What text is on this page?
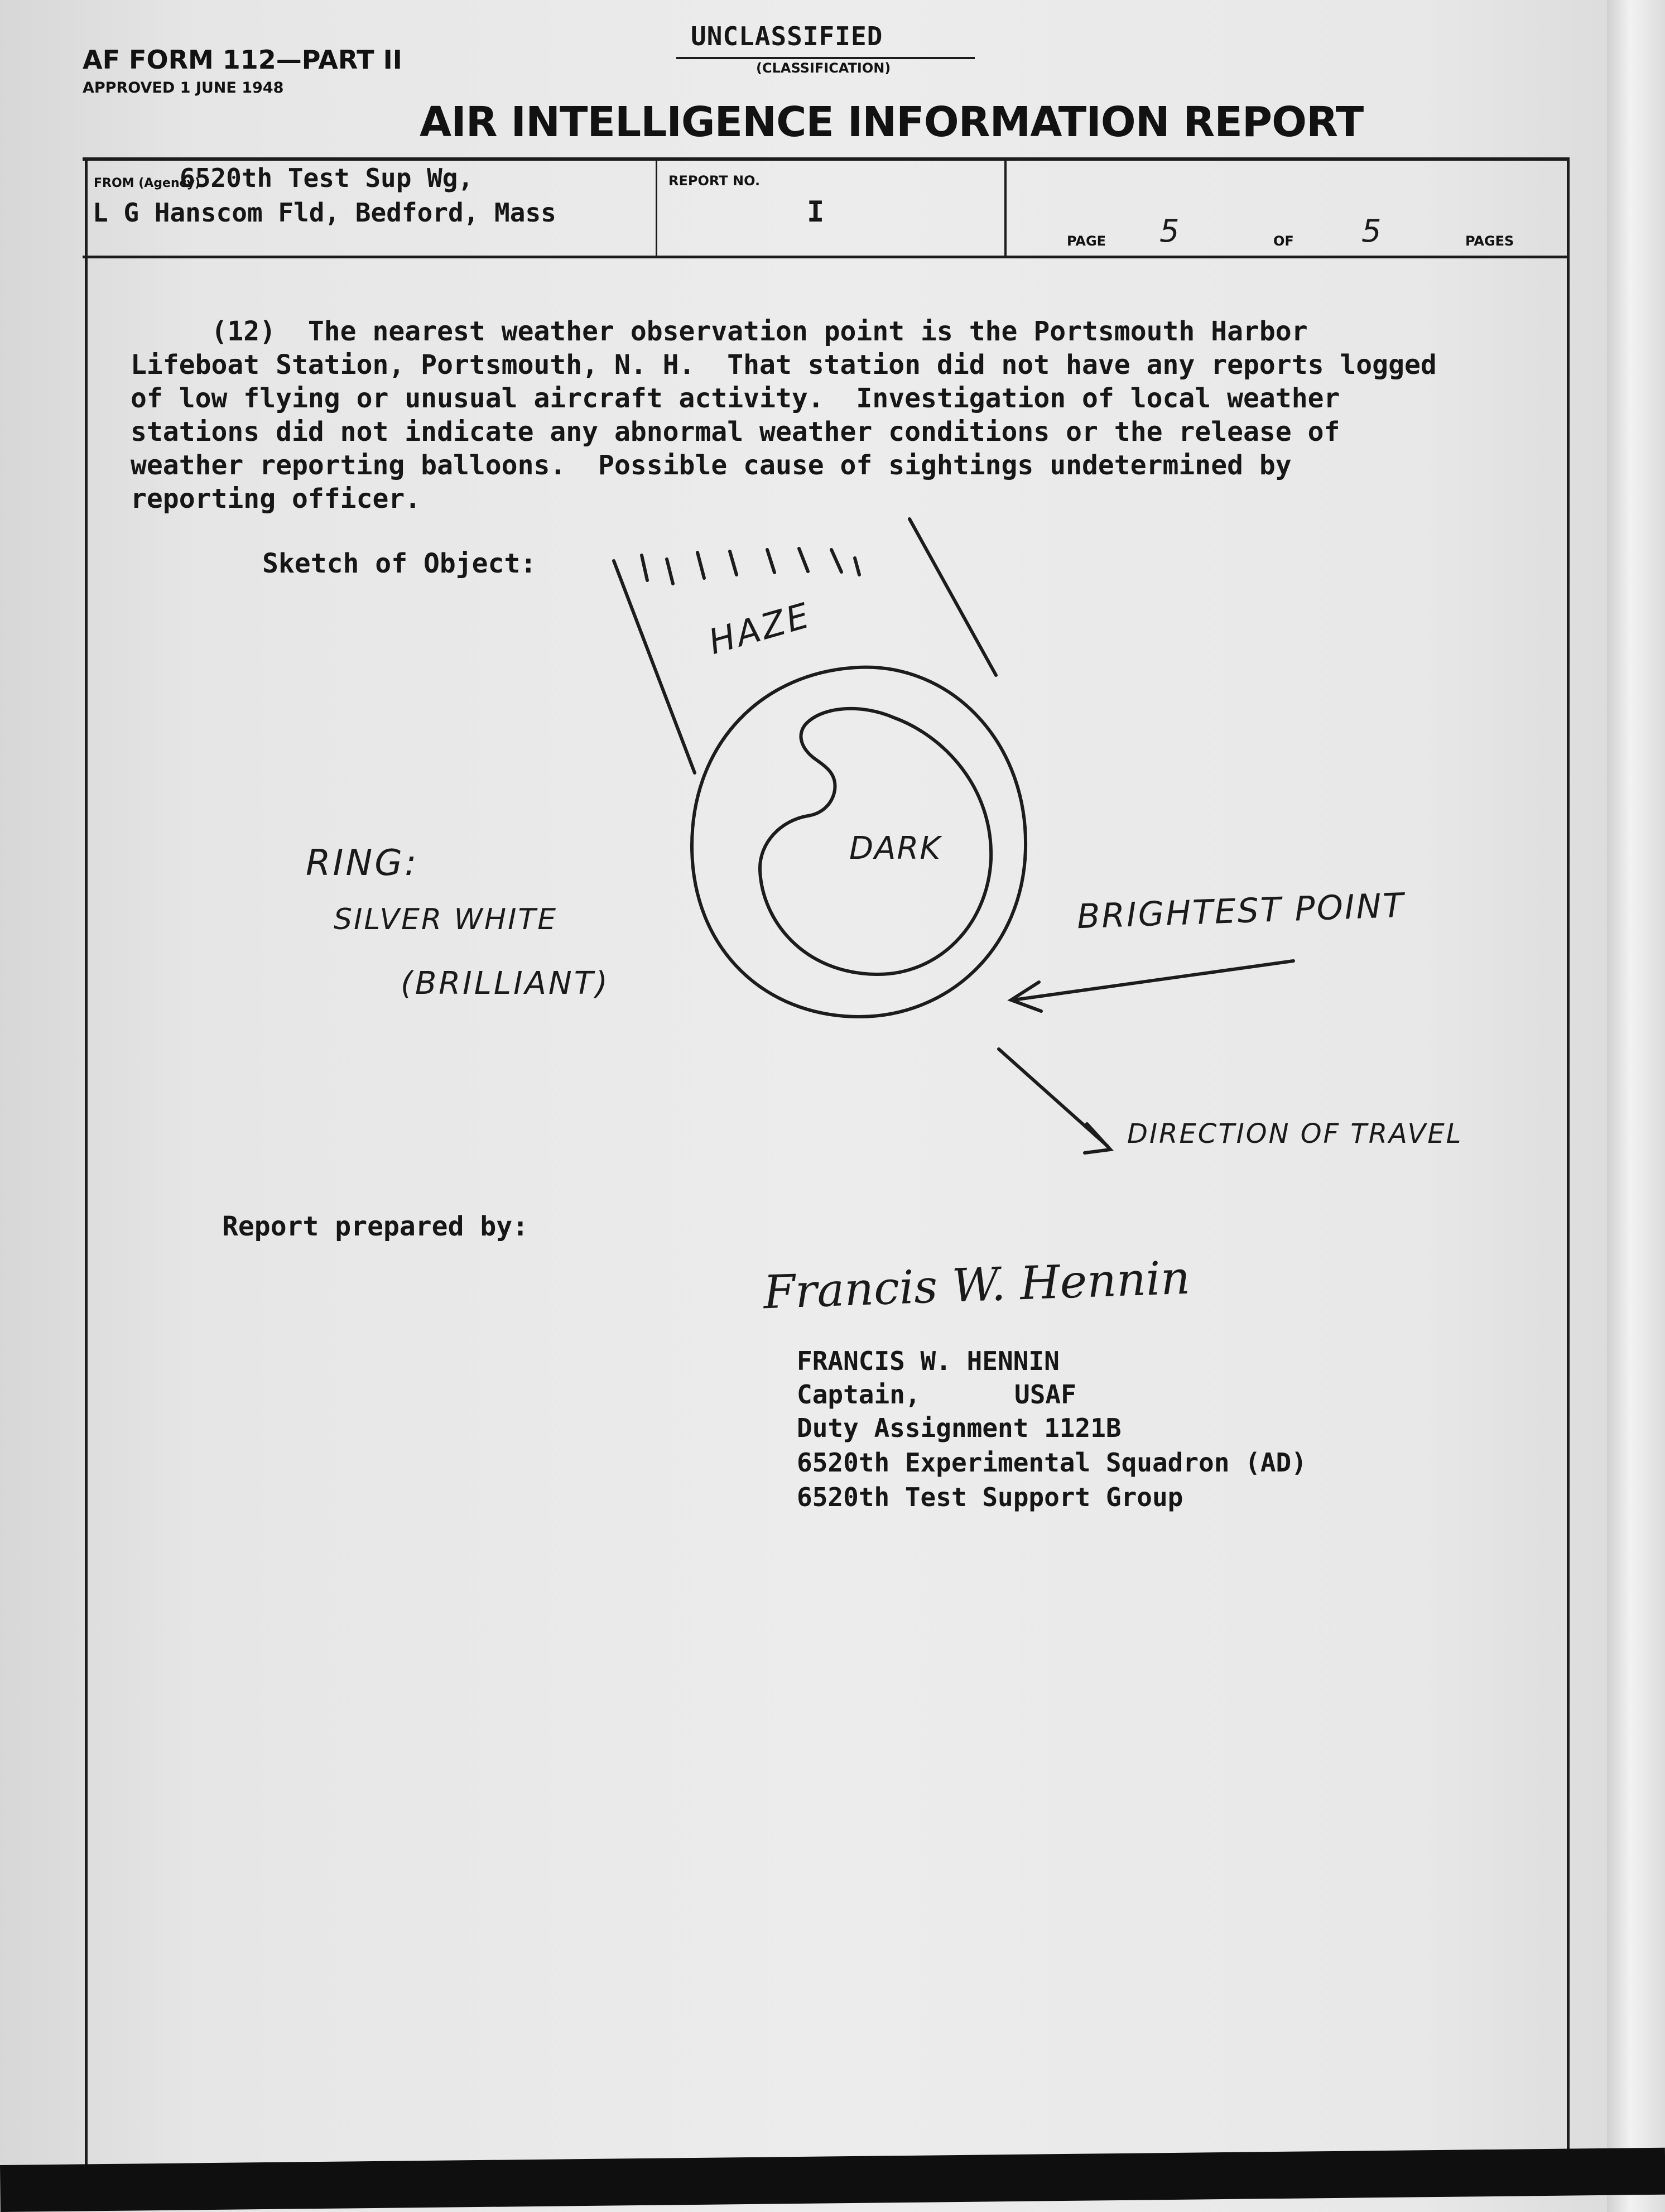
AF FORM 112—PART II
APPROVED 1 JUNE 1948
UNCLASSIFIED
(CLASSIFICATION)
AIR INTELLIGENCE INFORMATION REPORT
FROM (Agency)
6520th Test Sup Wg,
L G Hanscom Fld, Bedford, Mass
REPORT NO.
I
PAGE 5	OF 5	PAGES
(12)  The nearest weather observation point is the Portsmouth Harbor
Lifeboat Station, Portsmouth, N. H.  That station did not have any reports logged
of low flying or unusual aircraft activity.  Investigation of local weather
stations did not indicate any abnormal weather conditions or the release of
weather reporting balloons.  Possible cause of sightings undetermined by
reporting officer.
Sketch of Object:
HAZE
DARK
RING:
SILVER WHITE
(BRILLIANT)
BRIGHTEST POINT
DIRECTION OF TRAVEL
Report prepared by:
Francis W. Hennin
FRANCIS W. HENNIN
Captain,	USAF
Duty Assignment 1121B
6520th Experimental Squadron (AD)
6520th Test Support Group
